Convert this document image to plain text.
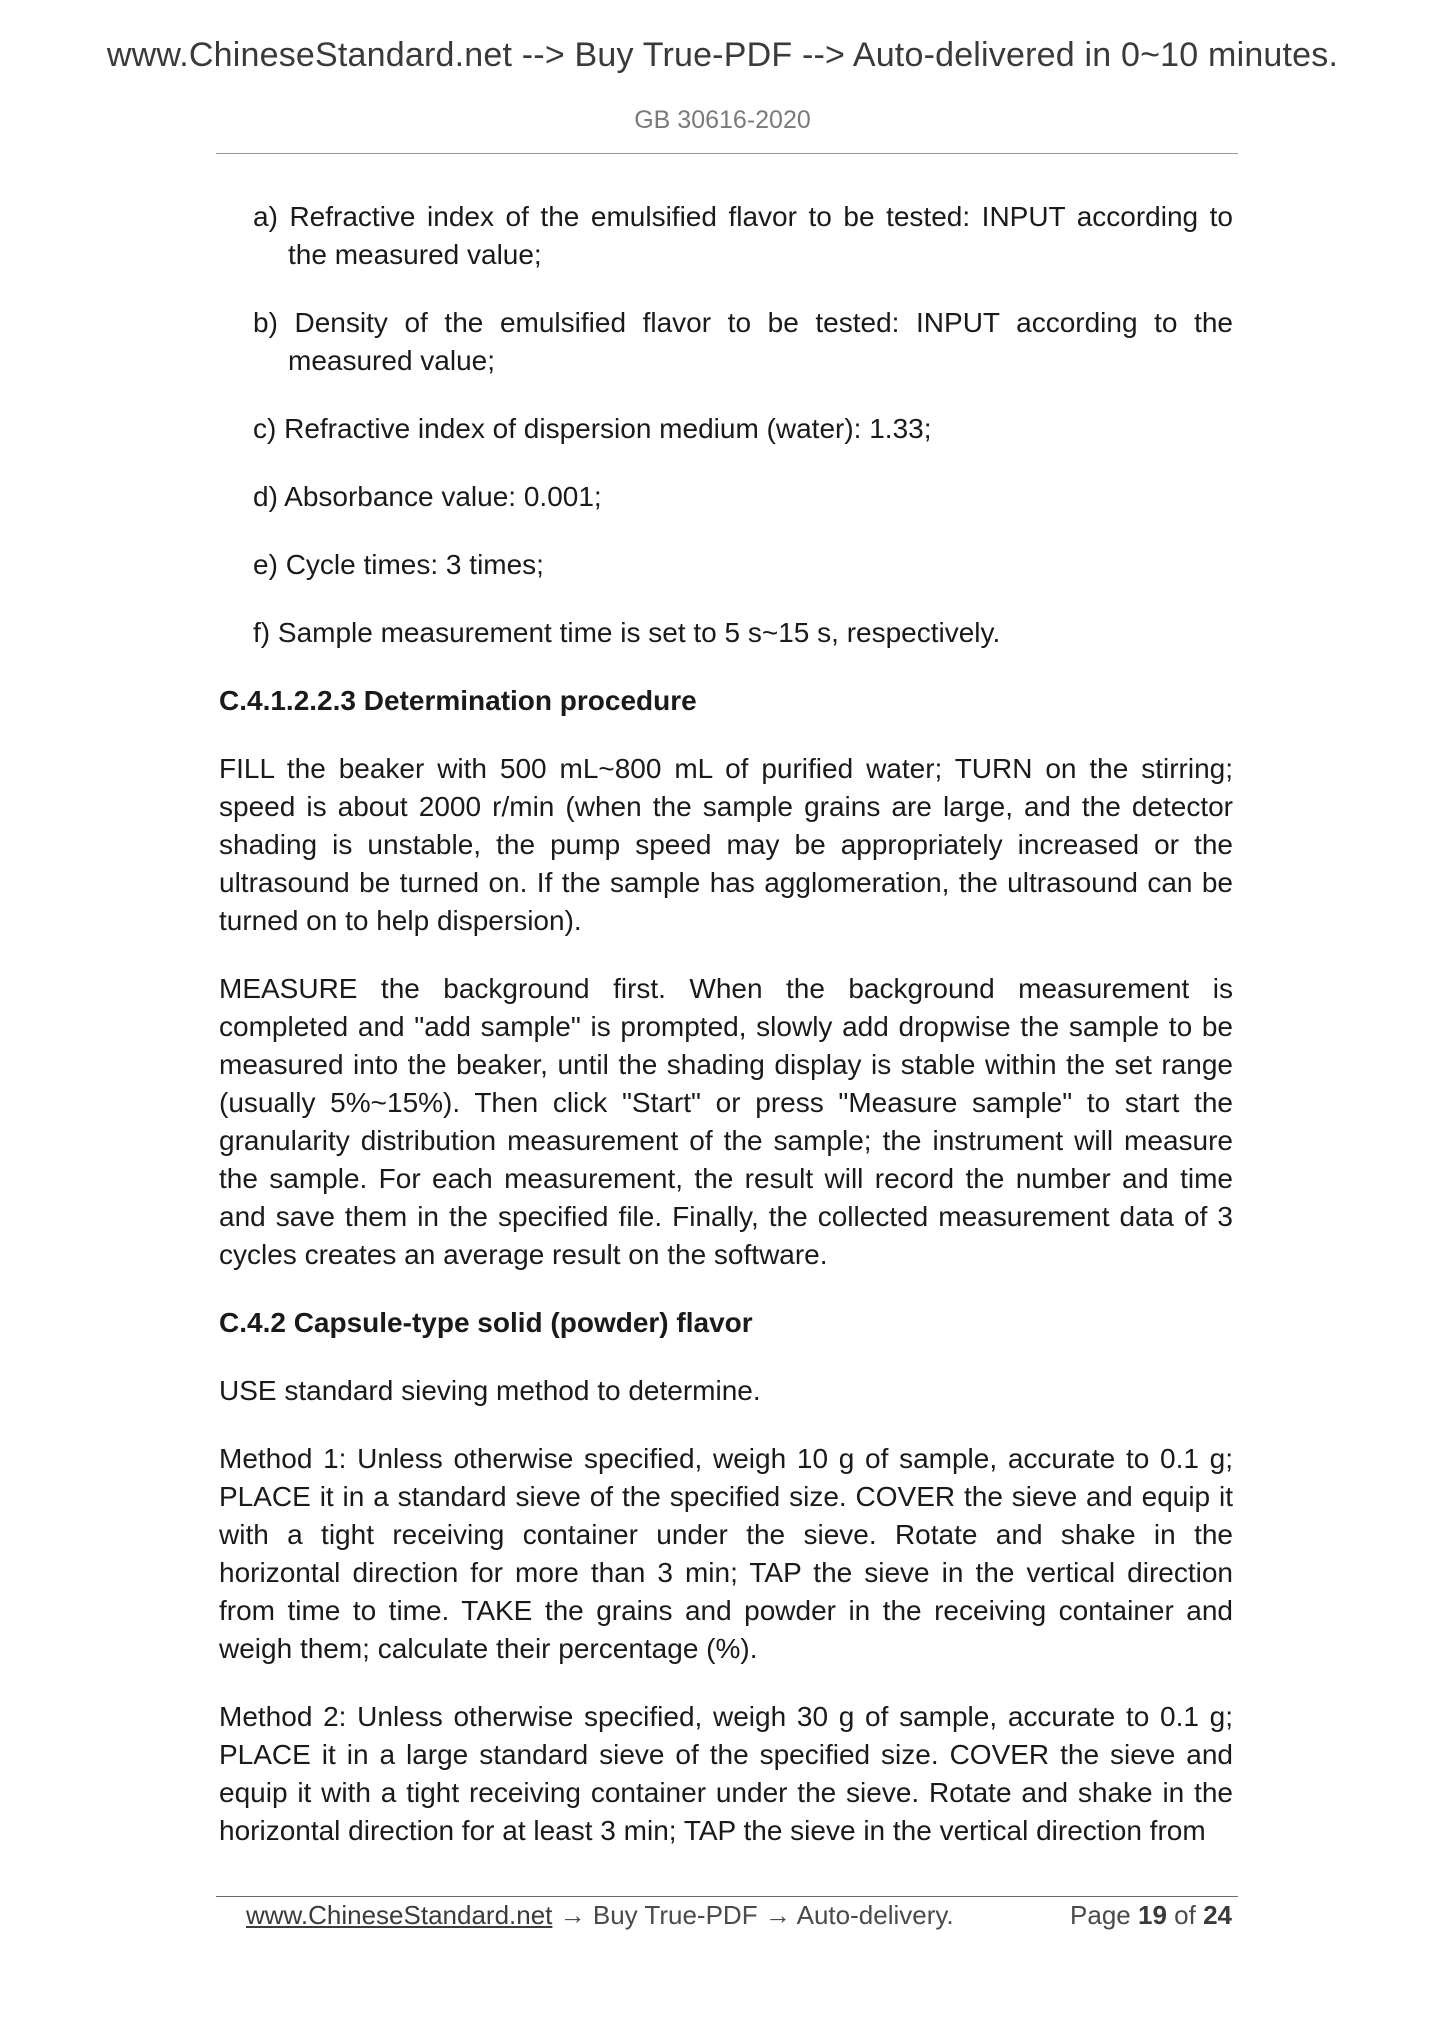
www.ChineseStandard.net --> Buy True-PDF --> Auto-delivered in 0~10 minutes.
GB 30616-2020
a) Refractive index of the emulsified flavor to be tested: INPUT according to the measured value;
b) Density of the emulsified flavor to be tested: INPUT according to the measured value;
c) Refractive index of dispersion medium (water): 1.33;
d) Absorbance value: 0.001;
e) Cycle times: 3 times;
f) Sample measurement time is set to 5 s~15 s, respectively.
C.4.1.2.2.3 Determination procedure
FILL the beaker with 500 mL~800 mL of purified water; TURN on the stirring; speed is about 2000 r/min (when the sample grains are large, and the detector shading is unstable, the pump speed may be appropriately increased or the ultrasound be turned on. If the sample has agglomeration, the ultrasound can be turned on to help dispersion).
MEASURE the background first. When the background measurement is completed and "add sample" is prompted, slowly add dropwise the sample to be measured into the beaker, until the shading display is stable within the set range (usually 5%~15%). Then click "Start" or press "Measure sample" to start the granularity distribution measurement of the sample; the instrument will measure the sample. For each measurement, the result will record the number and time and save them in the specified file. Finally, the collected measurement data of 3 cycles creates an average result on the software.
C.4.2 Capsule-type solid (powder) flavor
USE standard sieving method to determine.
Method 1: Unless otherwise specified, weigh 10 g of sample, accurate to 0.1 g; PLACE it in a standard sieve of the specified size. COVER the sieve and equip it with a tight receiving container under the sieve. Rotate and shake in the horizontal direction for more than 3 min; TAP the sieve in the vertical direction from time to time. TAKE the grains and powder in the receiving container and weigh them; calculate their percentage (%).
Method 2: Unless otherwise specified, weigh 30 g of sample, accurate to 0.1 g; PLACE it in a large standard sieve of the specified size. COVER the sieve and equip it with a tight receiving container under the sieve. Rotate and shake in the horizontal direction for at least 3 min; TAP the sieve in the vertical direction from
www.ChineseStandard.net → Buy True-PDF → Auto-delivery.	Page 19 of 24
